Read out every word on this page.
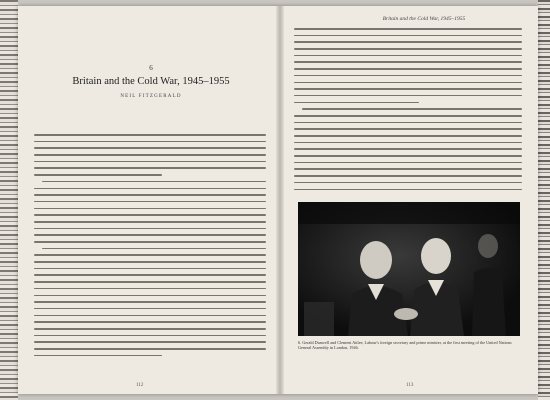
6
Britain and the Cold War, 1945–1955
NEIL FITZGERALD
112
Britain and the Cold War, 1945–1955
6. Gerald Dunwell and Clement Attlee, Labour's foreign secretary and prime minister, at the first meeting of the United Nations General Assembly in London, 1946.
113
